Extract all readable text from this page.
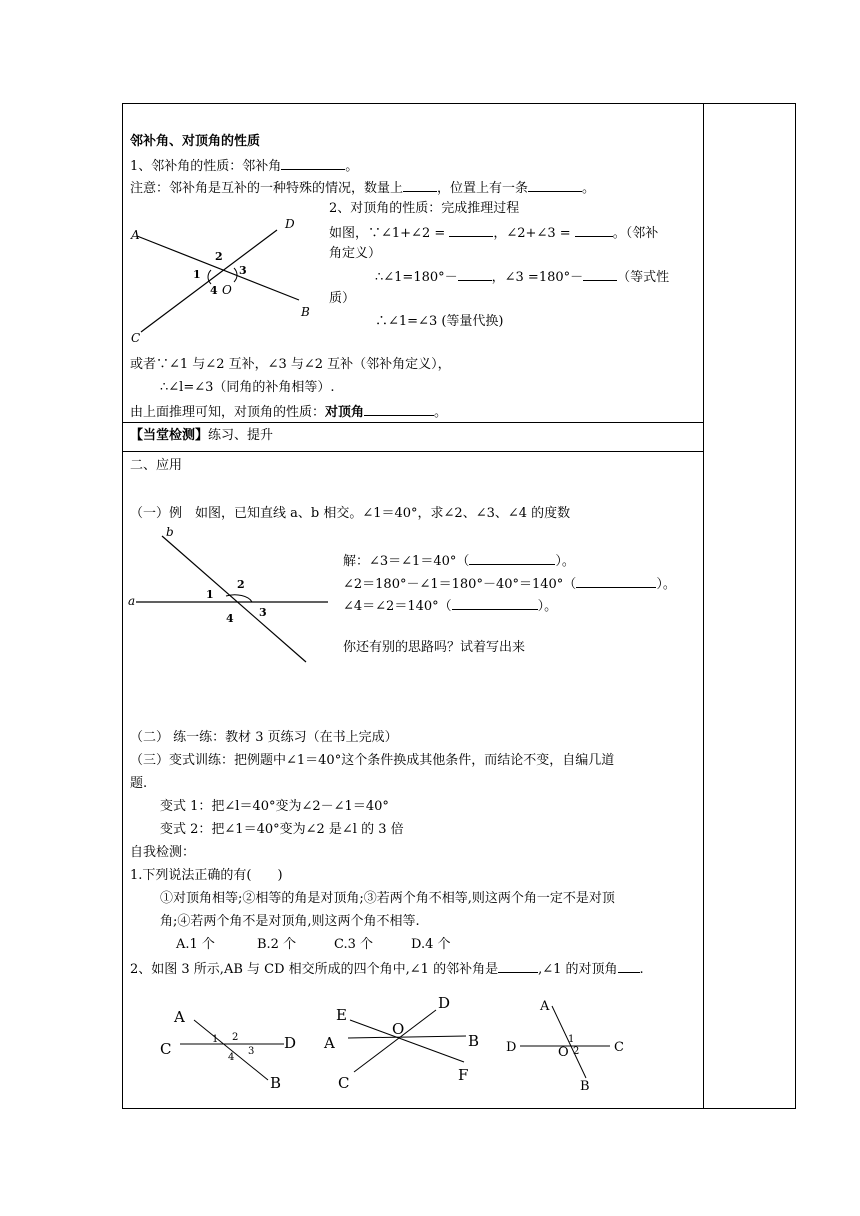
邻补角、对顶角的性质
1、邻补角的性质：邻补角	。
注意：邻补角是互补的一种特殊的情况，数量上	，位置上有一条	。
2、对顶角的性质：完成推理过程
如图，∵∠1+∠2 =	，∠2+∠3 =	。（邻补
角定义）
∴∠1=180°－	，∠3 =180°－	（等式性
质）
∴∠1=∠3 (等量代换)
或者∵∠1 与∠2 互补，∠3 与∠2 互补（邻补角定义），
∴∠l=∠3（同角的补角相等）.
由上面推理可知，对顶角的性质：对顶角	。
A
D
B
C
O
1
2
3
4
【当堂检测】练习、提升
二、应用
（一）例　如图，已知直线 a、b 相交。∠1＝40°，求∠2、∠3、∠4 的度数
b
a	1
2
3
4
解：∠3＝∠1＝40°（	）。
∠2＝180°－∠1＝180°－40°＝140°（	）。
∠4＝∠2＝140°（	）。
你还有别的思路吗？试着写出来
（二） 练一练：教材 3 页练习（在书上完成）
（三）变式训练：把例题中∠1＝40°这个条件换成其他条件，而结论不变，自编几道
题.
变式 1：把∠l＝40°变为∠2－∠1＝40°
变式 2：把∠1＝40°变为∠2 是∠l 的 3 倍
自我检测：
1.下列说法正确的有(　　)
①对顶角相等;②相等的角是对顶角;③若两个角不相等,则这两个角一定不是对顶
角;④若两个角不是对顶角,则这两个角不相等.
A.1 个	B.2 个	C.3 个	D.4 个
2、如图 3 所示,AB 与 CD 相交所成的四个角中,∠1 的邻补角是	,∠1 的对顶角 .
A
C	D
B
1 2
3
4
E
D
A	B
C	F
O
A
D	C
B
O
1
2
